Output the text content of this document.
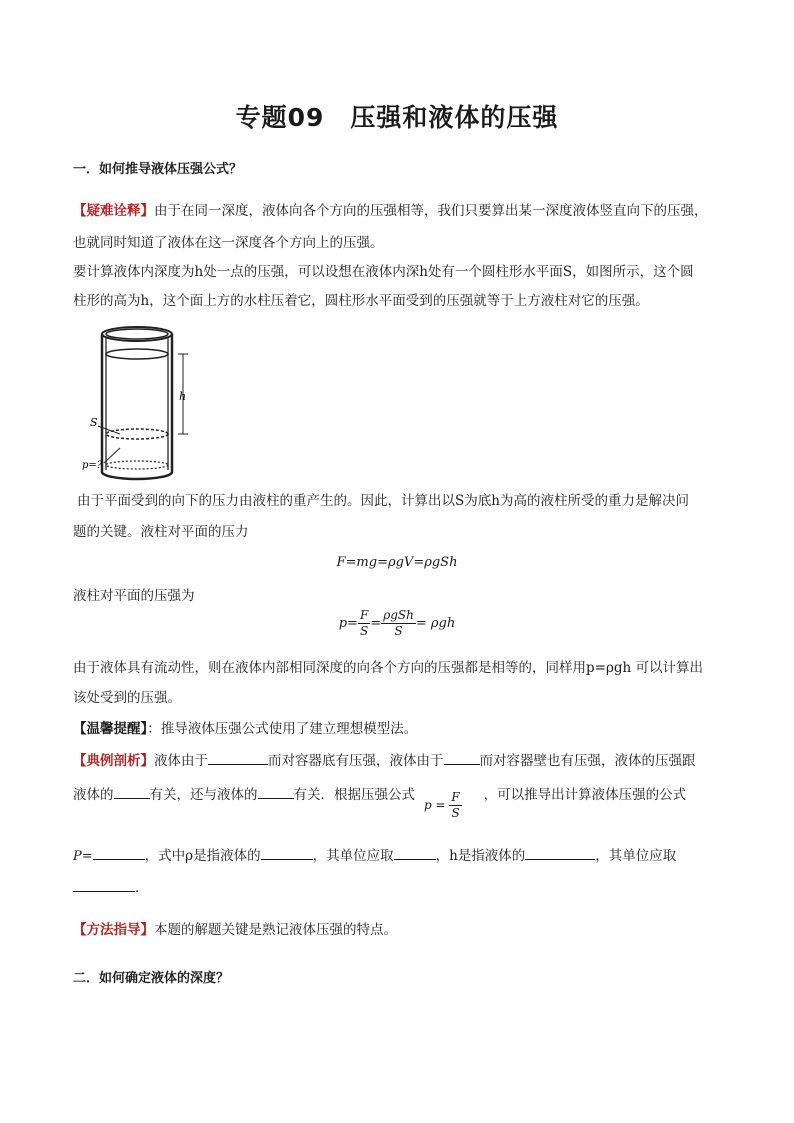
专题09　压强和液体的压强
一．如何推导液体压强公式？
【疑难诠释】由于在同一深度，液体向各个方向的压强相等，我们只要算出某一深度液体竖直向下的压强，
也就同时知道了液体在这一深度各个方向上的压强。
要计算液体内深度为h处一点的压强，可以设想在液体内深h处有一个圆柱形水平面S，如图所示，这个圆
柱形的高为h，这个面上方的水柱压着它，圆柱形水平面受到的压强就等于上方液柱对它的压强。
h
S
p=?
由于平面受到的向下的压力由液柱的重产生的。因此，计算出以S为底h为高的液柱所受的重力是解决问
题的关键。液柱对平面的压力
F=mg=ρgV=ρgSh
液柱对平面的压强为
$p= \frac{F}{S} = \frac{\text{ρgSh}}{S} = \rho gh$
由于液体具有流动性，则在液体内部相同深度的向各个方向的压强都是相等的，同样用p=ρgh 可以计算出
该处受到的压强。
【温馨提醒】：推导液体压强公式使用了建立理想模型法。
【典例剖析】液体由于	而对容器底有压强，液体由于	而对容器壁也有压强，液体的压强跟
液体的	有关，还与液体的	有关．根据压强公式	，可以推导出计算液体压强的公式
$p = \frac{F}{S}$
P=	，式中ρ是指液体的	，其单位应取	，h是指液体的	，其单位应取
．
【方法指导】本题的解题关键是熟记液体压强的特点。
二．如何确定液体的深度？
